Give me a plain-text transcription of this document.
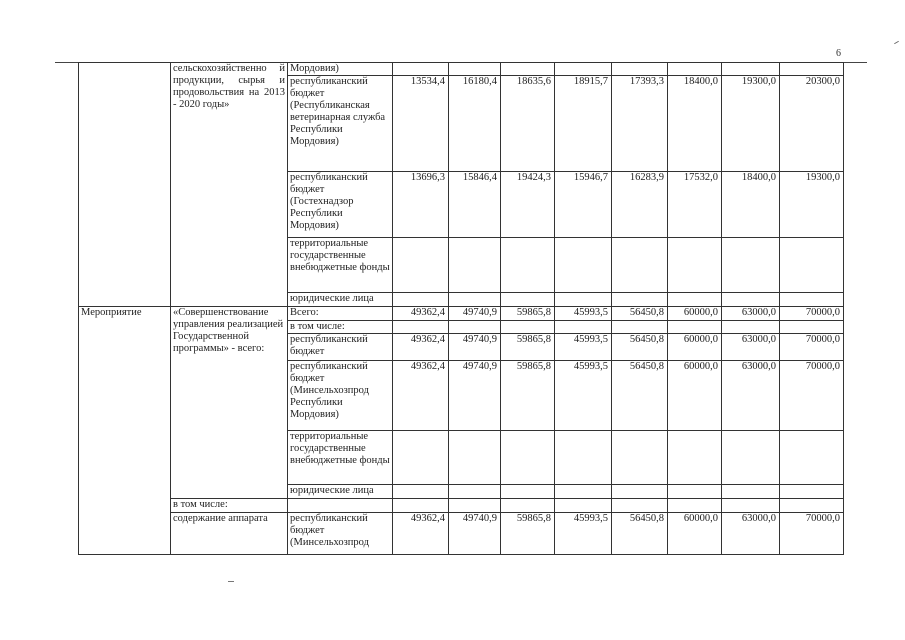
6

	сельскохозяйственно й продукции, сырья и продовольствия на 2013 - 2020 годы»	Мордовия)								

		республиканский бюджет (Республиканская ветеринарная служба Республики Мордовия)	13534,4	16180,4	18635,6	18915,7	17393,3	18400,0	19300,0	20300,0

		республиканский бюджет (Гостехнадзор Республики Мордовия)	13696,3	15846,4	19424,3	15946,7	16283,9	17532,0	18400,0	19300,0

		территориальные государственные внебюджетные фонды								

		юридические лица								

Мероприятие	«Совершенствование управления реализацией Государственной программы» - всего:	Всего:	49362,4	49740,9	59865,8	45993,5	56450,8	60000,0	63000,0	70000,0

		в том числе:								

		республиканский бюджет	49362,4	49740,9	59865,8	45993,5	56450,8	60000,0	63000,0	70000,0

		республиканский бюджет (Минсельхозпрод Республики Мордовия)	49362,4	49740,9	59865,8	45993,5	56450,8	60000,0	63000,0	70000,0

		территориальные государственные внебюджетные фонды								

		юридические лица								

	в том числе:									

	содержание аппарата	республиканский бюджет (Минсельхозпрод	49362,4	49740,9	59865,8	45993,5	56450,8	60000,0	63000,0	70000,0
